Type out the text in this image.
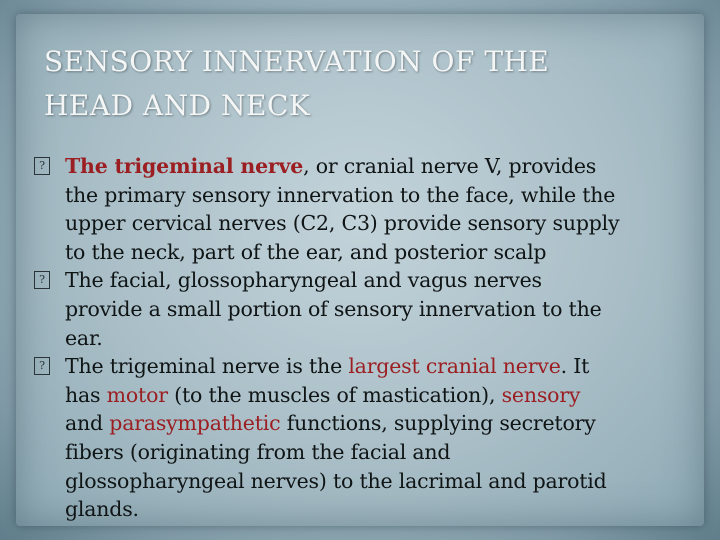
SENSORY INNERVATION OF THE
HEAD AND NECK

? The trigeminal nerve, or cranial nerve V, provides
the primary sensory innervation to the face, while the
upper cervical nerves (C2, C3) provide sensory supply
to the neck, part of the ear, and posterior scalp

? The facial, glossopharyngeal and vagus nerves
provide a small portion of sensory innervation to the
ear.

? The trigeminal nerve is the largest cranial nerve. It
has motor (to the muscles of mastication), sensory
and parasympathetic functions, supplying secretory
fibers (originating from the facial and
glossopharyngeal nerves) to the lacrimal and parotid
glands.
